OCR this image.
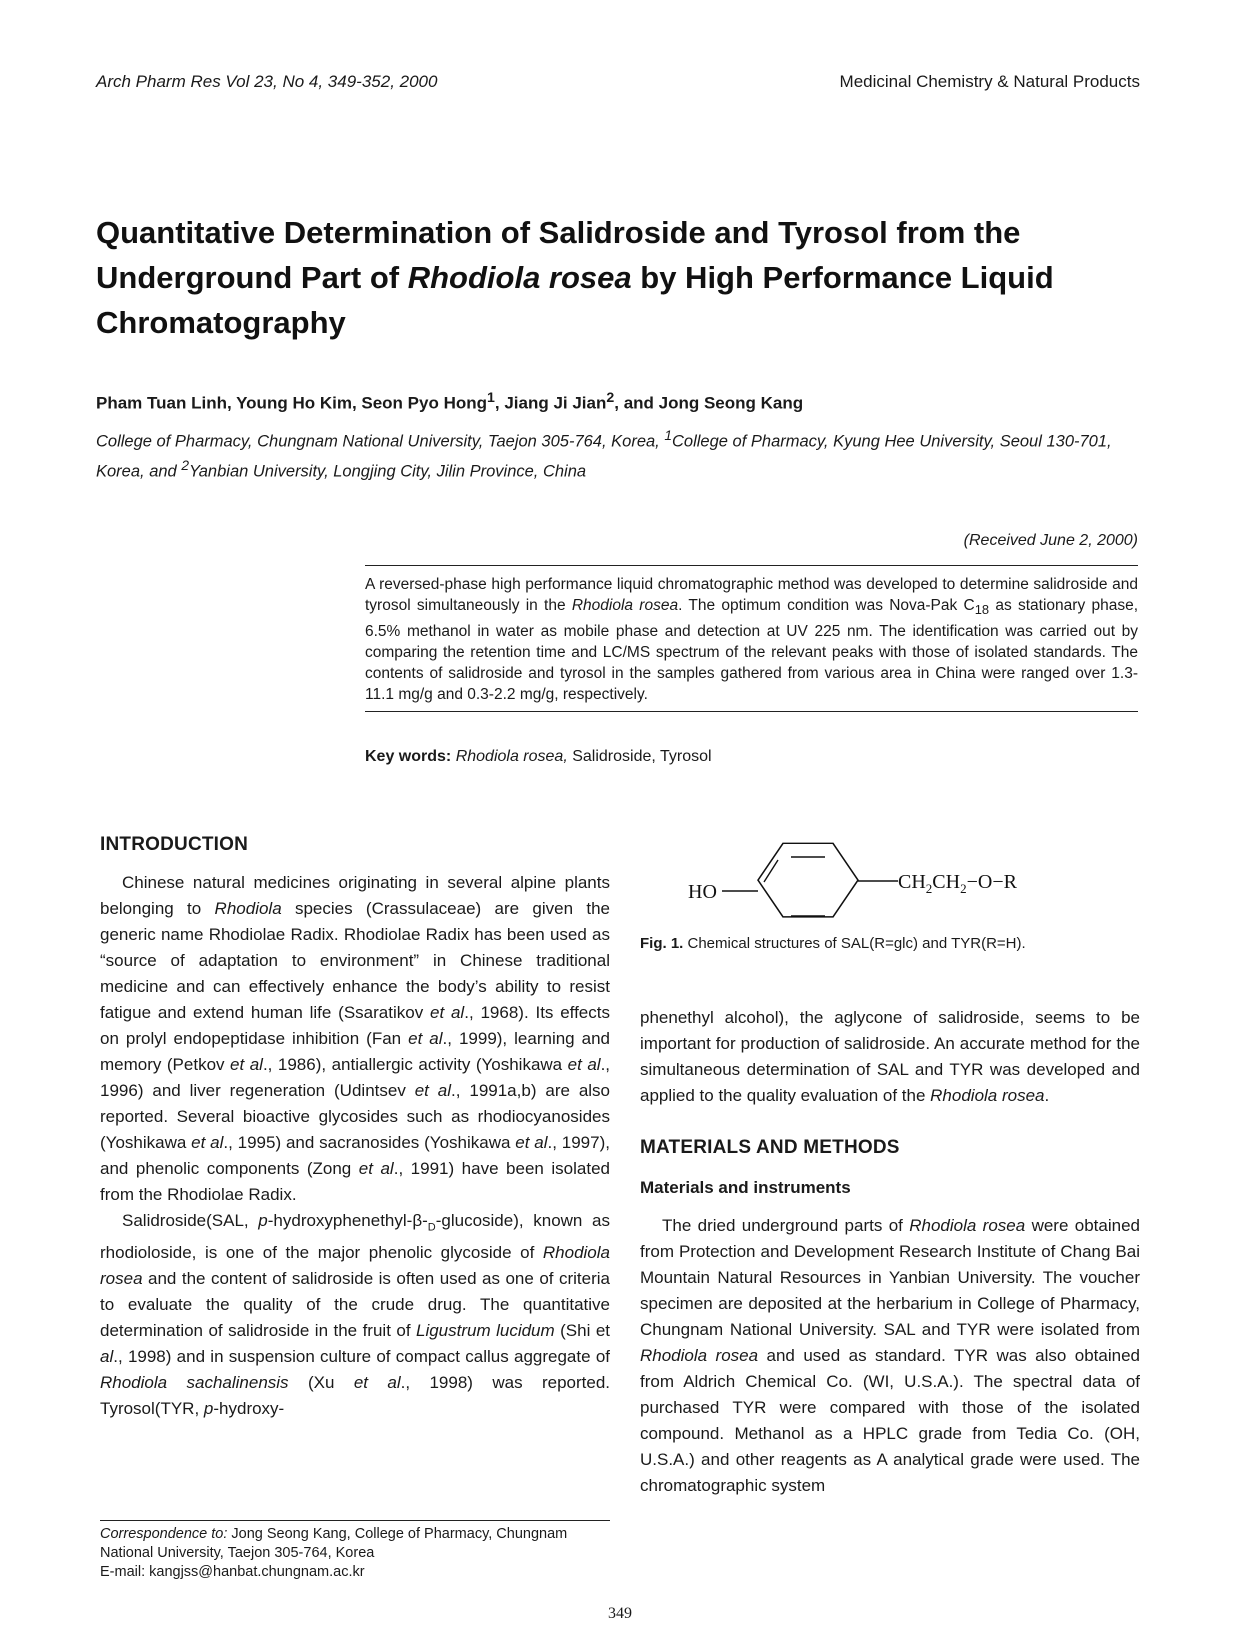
Arch Pharm Res Vol 23, No 4, 349-352, 2000	Medicinal Chemistry & Natural Products
Quantitative Determination of Salidroside and Tyrosol from the Underground Part of Rhodiola rosea by High Performance Liquid Chromatography
Pham Tuan Linh, Young Ho Kim, Seon Pyo Hong$^1$, Jiang Ji Jian$^2$, and Jong Seong Kang
College of Pharmacy, Chungnam National University, Taejon 305-764, Korea, $^1$College of Pharmacy, Kyung Hee University, Seoul 130-701, Korea, and $^2$Yanbian University, Longjing City, Jilin Province, China
(Received June 2, 2000)
A reversed-phase high performance liquid chromatographic method was developed to determine salidroside and tyrosol simultaneously in the Rhodiola rosea. The optimum condition was Nova-Pak $C_{18}$ as stationary phase, 6.5% methanol in water as mobile phase and detection at UV 225 nm. The identification was carried out by comparing the retention time and LC/MS spectrum of the relevant peaks with those of isolated standards. The contents of salidroside and tyrosol in the samples gathered from various area in China were ranged over 1.3-11.1 mg/g and 0.3-2.2 mg/g, respectively.
Key words: Rhodiola rosea, Salidroside, Tyrosol
INTRODUCTION

Chinese natural medicines originating in several alpine plants belonging to Rhodiola species (Crassulaceae) are given the generic name Rhodiolae Radix. Rhodiolae Radix has been used as “source of adaptation to environment” in Chinese traditional medicine and can effectively enhance the body’s ability to resist fatigue and extend human life (Ssaratikov et al., 1968). Its effects on prolyl endopeptidase inhibition (Fan et al., 1999), learning and memory (Petkov et al., 1986), antiallergic activity (Yoshikawa et al., 1996) and liver regeneration (Udintsev et al., 1991a,b) are also reported. Several bioactive glycosides such as rhodiocyanosides (Yoshikawa et al., 1995) and sacranosides (Yoshikawa et al., 1997), and phenolic components (Zong et al., 1991) have been isolated from the Rhodiolae Radix.

Salidroside(SAL, $p-hydroxyphenethyl-\beta-_D-glucoside$), known as rhodioloside, is one of the major phenolic glycoside of Rhodiola rosea and the content of salidroside is often used as one of criteria to evaluate the quality of the crude drug. The quantitative determination of salidroside in the fruit of Ligustrum lucidum (Shi et al., 1998) and in suspension culture of compact callus aggregate of Rhodiola sachalinensis (Xu et al., 1998) was reported. Tyrosol(TYR, p-hydroxy-

HO	$CH_2CH_2-O-R$
Fig. 1. Chemical structures of SAL(R=glc) and TYR(R=H).

phenethyl alcohol), the aglycone of salidroside, seems to be important for production of salidroside. An accurate method for the simultaneous determination of SAL and TYR was developed and applied to the quality evaluation of the Rhodiola rosea.

MATERIALS AND METHODS
Materials and instruments

The dried underground parts of Rhodiola rosea were obtained from Protection and Development Research Institute of Chang Bai Mountain Natural Resources in Yanbian University. The voucher specimen are deposited at the herbarium in College of Pharmacy, Chungnam National University. SAL and TYR were isolated from Rhodiola rosea and used as standard. TYR was also obtained from Aldrich Chemical Co. (WI, U.S.A.). The spectral data of purchased TYR were compared with those of the isolated compound. Methanol as a HPLC grade from Tedia Co. (OH, U.S.A.) and other reagents as A analytical grade were used. The chromatographic system

Correspondence to: Jong Seong Kang, College of Pharmacy, Chungnam National University, Taejon 305-764, Korea
E-mail: kangjss@hanbat.chungnam.ac.kr
349
